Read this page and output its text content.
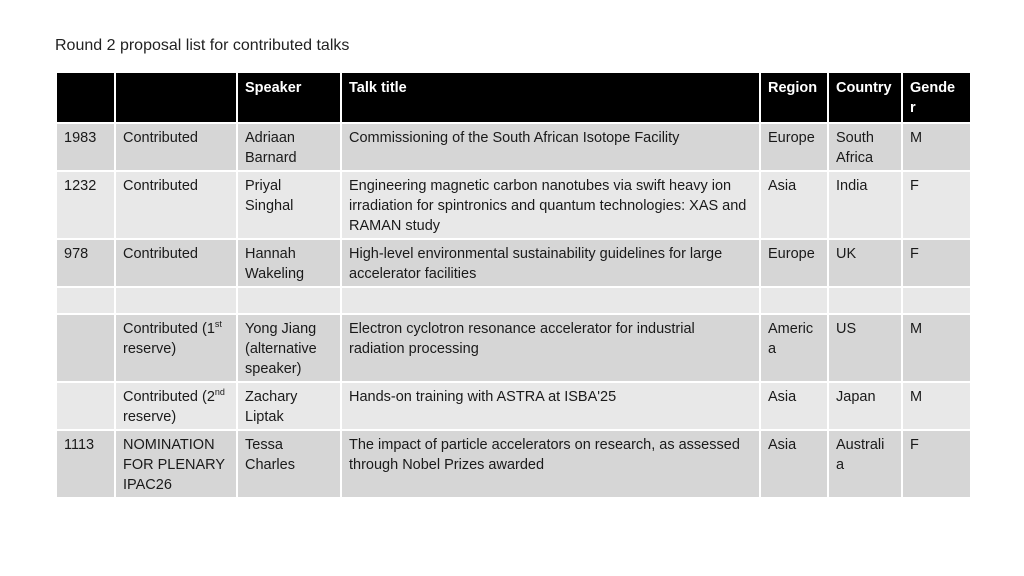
Round 2 proposal list for contributed talks
		Speaker	Talk title	Region	Country	Gende r
1983	Contributed	Adriaan Barnard	Commissioning of the South African Isotope Facility	Europe	South Africa	M
1232	Contributed	Priyal Singhal	Engineering magnetic carbon nanotubes via swift heavy ion irradiation for spintronics and quantum technologies: XAS and RAMAN study	Asia	India	F
978	Contributed	Hannah Wakeling	High-level environmental sustainability guidelines for large accelerator facilities	Europe	UK	F

	Contributed (1st reserve)	Yong Jiang (alternative speaker)	Electron cyclotron resonance accelerator for industrial radiation processing	Americ a	US	M
	Contributed (2nd reserve)	Zachary Liptak	Hands-on training with ASTRA at ISBA'25	Asia	Japan	M
1113	NOMINATION FOR PLENARY IPAC26	Tessa Charles	The impact of particle accelerators on research, as assessed through Nobel Prizes awarded	Asia	Australi a	F
